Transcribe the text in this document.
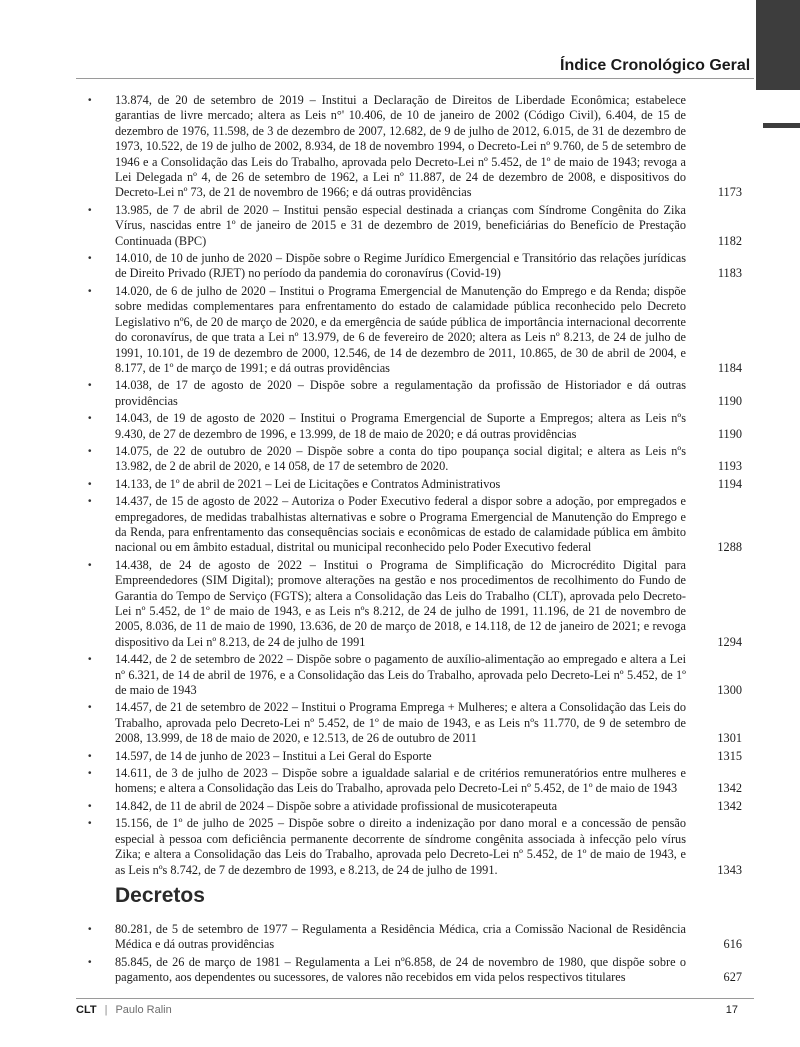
Índice Cronológico Geral
• 13.874, de 20 de setembro de 2019 – Institui a Declaração de Direitos de Liberdade Econômica; estabelece garantias de livre mercado; altera as Leis n°' 10.406, de 10 de janeiro de 2002 (Código Civil), 6.404, de 15 de dezembro de 1976, 11.598, de 3 de dezembro de 2007, 12.682, de 9 de julho de 2012, 6.015, de 31 de dezembro de 1973, 10.522, de 19 de julho de 2002, 8.934, de 18 de novembro 1994, o Decreto-Lei nº 9.760, de 5 de setembro de 1946 e a Consolidação das Leis do Trabalho, aprovada pelo Decreto-Lei nº 5.452, de 1º de maio de 1943; revoga a Lei Delegada nº 4, de 26 de setembro de 1962, a Lei nº 11.887, de 24 de dezembro de 2008, e dispositivos do Decreto-Lei nº 73, de 21 de novembro de 1966; e dá outras providências .....	1173
• 13.985, de 7 de abril de 2020 – Institui pensão especial destinada a crianças com Síndrome Congênita do Zika Vírus, nascidas entre 1º de janeiro de 2015 e 31 de dezembro de 2019, beneficiárias do Benefício de Prestação Continuada (BPC) .....	1182
• 14.010, de 10 de junho de 2020 – Dispõe sobre o Regime Jurídico Emergencial e Transitório das relações jurídicas de Direito Privado (RJET) no período da pandemia do coronavírus (Covid-19) .....	1183
• 14.020, de 6 de julho de 2020 – Institui o Programa Emergencial de Manutenção do Emprego e da Renda; dispõe sobre medidas complementares para enfrentamento do estado de calamidade pública reconhecido pelo Decreto Legislativo nº6, de 20 de março de 2020, e da emergência de saúde pública de importância internacional decorrente do coronavírus, de que trata a Lei nº 13.979, de 6 de fevereiro de 2020; altera as Leis nº 8.213, de 24 de julho de 1991, 10.101, de 19 de dezembro de 2000, 12.546, de 14 de dezembro de 2011, 10.865, de 30 de abril de 2004, e 8.177, de 1º de março de 1991; e dá outras providências .....	1184
• 14.038, de 17 de agosto de 2020 – Dispõe sobre a regulamentação da profissão de Historiador e dá outras providências .....	1190
• 14.043, de 19 de agosto de 2020 – Institui o Programa Emergencial de Suporte a Empregos; altera as Leis nºs 9.430, de 27 de dezembro de 1996, e 13.999, de 18 de maio de 2020; e dá outras providências .....	1190
• 14.075, de 22 de outubro de 2020 – Dispõe sobre a conta do tipo poupança social digital; e altera as Leis nºs 13.982, de 2 de abril de 2020, e 14 058, de 17 de setembro de 2020. .....	1193
• 14.133, de 1º de abril de 2021 – Lei de Licitações e Contratos Administrativos .....	1194
• 14.437, de 15 de agosto de 2022 – Autoriza o Poder Executivo federal a dispor sobre a adoção, por empregados e empregadores, de medidas trabalhistas alternativas e sobre o Programa Emergencial de Manutenção do Emprego e da Renda, para enfrentamento das consequências sociais e econômicas de estado de calamidade pública em âmbito nacional ou em âmbito estadual, distrital ou municipal reconhecido pelo Poder Executivo federal .....	1288
• 14.438, de 24 de agosto de 2022 – Institui o Programa de Simplificação do Microcrédito Digital para Empreendedores (SIM Digital); promove alterações na gestão e nos procedimentos de recolhimento do Fundo de Garantia do Tempo de Serviço (FGTS); altera a Consolidação das Leis do Trabalho (CLT), aprovada pelo Decreto-Lei nº 5.452, de 1º de maio de 1943, e as Leis nºs 8.212, de 24 de julho de 1991, 11.196, de 21 de novembro de 2005, 8.036, de 11 de maio de 1990, 13.636, de 20 de março de 2018, e 14.118, de 12 de janeiro de 2021; e revoga dispositivo da Lei nº 8.213, de 24 de julho de 1991 .....	1294
• 14.442, de 2 de setembro de 2022 – Dispõe sobre o pagamento de auxílio-alimentação ao empregado e altera a Lei nº 6.321, de 14 de abril de 1976, e a Consolidação das Leis do Trabalho, aprovada pelo Decreto-Lei nº 5.452, de 1º de maio de 1943 .....	1300
• 14.457, de 21 de setembro de 2022 – Institui o Programa Emprega + Mulheres; e altera a Consolidação das Leis do Trabalho, aprovada pelo Decreto-Lei nº 5.452, de 1º de maio de 1943, e as Leis nºs 11.770, de 9 de setembro de 2008, 13.999, de 18 de maio de 2020, e 12.513, de 26 de outubro de 2011 .....	1301
• 14.597, de 14 de junho de 2023 – Institui a Lei Geral do Esporte .....	1315
• 14.611, de 3 de julho de 2023 – Dispõe sobre a igualdade salarial e de critérios remuneratórios entre mulheres e homens; e altera a Consolidação das Leis do Trabalho, aprovada pelo Decreto-Lei nº 5.452, de 1º de maio de 1943 .....	1342
• 14.842, de 11 de abril de 2024 – Dispõe sobre a atividade profissional de musicoterapeuta .....	1342
• 15.156, de 1º de julho de 2025 – Dispõe sobre o direito a indenização por dano moral e a concessão de pensão especial à pessoa com deficiência permanente decorrente de síndrome congênita associada à infecção pelo vírus Zika; e altera a Consolidação das Leis do Trabalho, aprovada pelo Decreto-Lei nº 5.452, de 1º de maio de 1943, e as Leis nºs 8.742, de 7 de dezembro de 1993, e 8.213, de 24 de julho de 1991. .....	1343
Decretos
• 80.281, de 5 de setembro de 1977 – Regulamenta a Residência Médica, cria a Comissão Nacional de Residência Médica e dá outras providências .....	616
• 85.845, de 26 de março de 1981 – Regulamenta a Lei nº6.858, de 24 de novembro de 1980, que dispõe sobre o pagamento, aos dependentes ou sucessores, de valores não recebidos em vida pelos respectivos titulares .....	627
CLT | Paulo Ralin	17
